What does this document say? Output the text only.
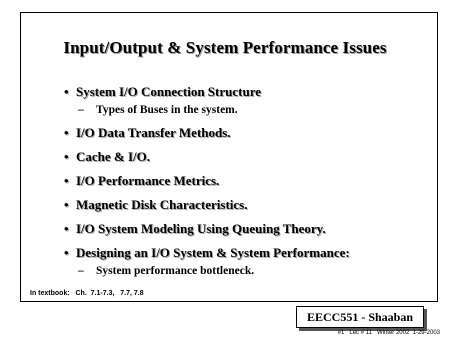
Input/Output & System Performance Issues
• System I/O Connection Structure
– Types of Buses in the system.
• I/O Data Transfer Methods.
• Cache & I/O.
• I/O Performance Metrics.
• Magnetic Disk Characteristics.
• I/O System Modeling Using Queuing Theory.
• Designing an I/O System & System Performance:
– System performance bottleneck.
In textbook:   Ch.  7.1-7.3,   7.7, 7.8
EECC551 - Shaaban
#1   Lec # 11   Winter 2002  1-29-2003
